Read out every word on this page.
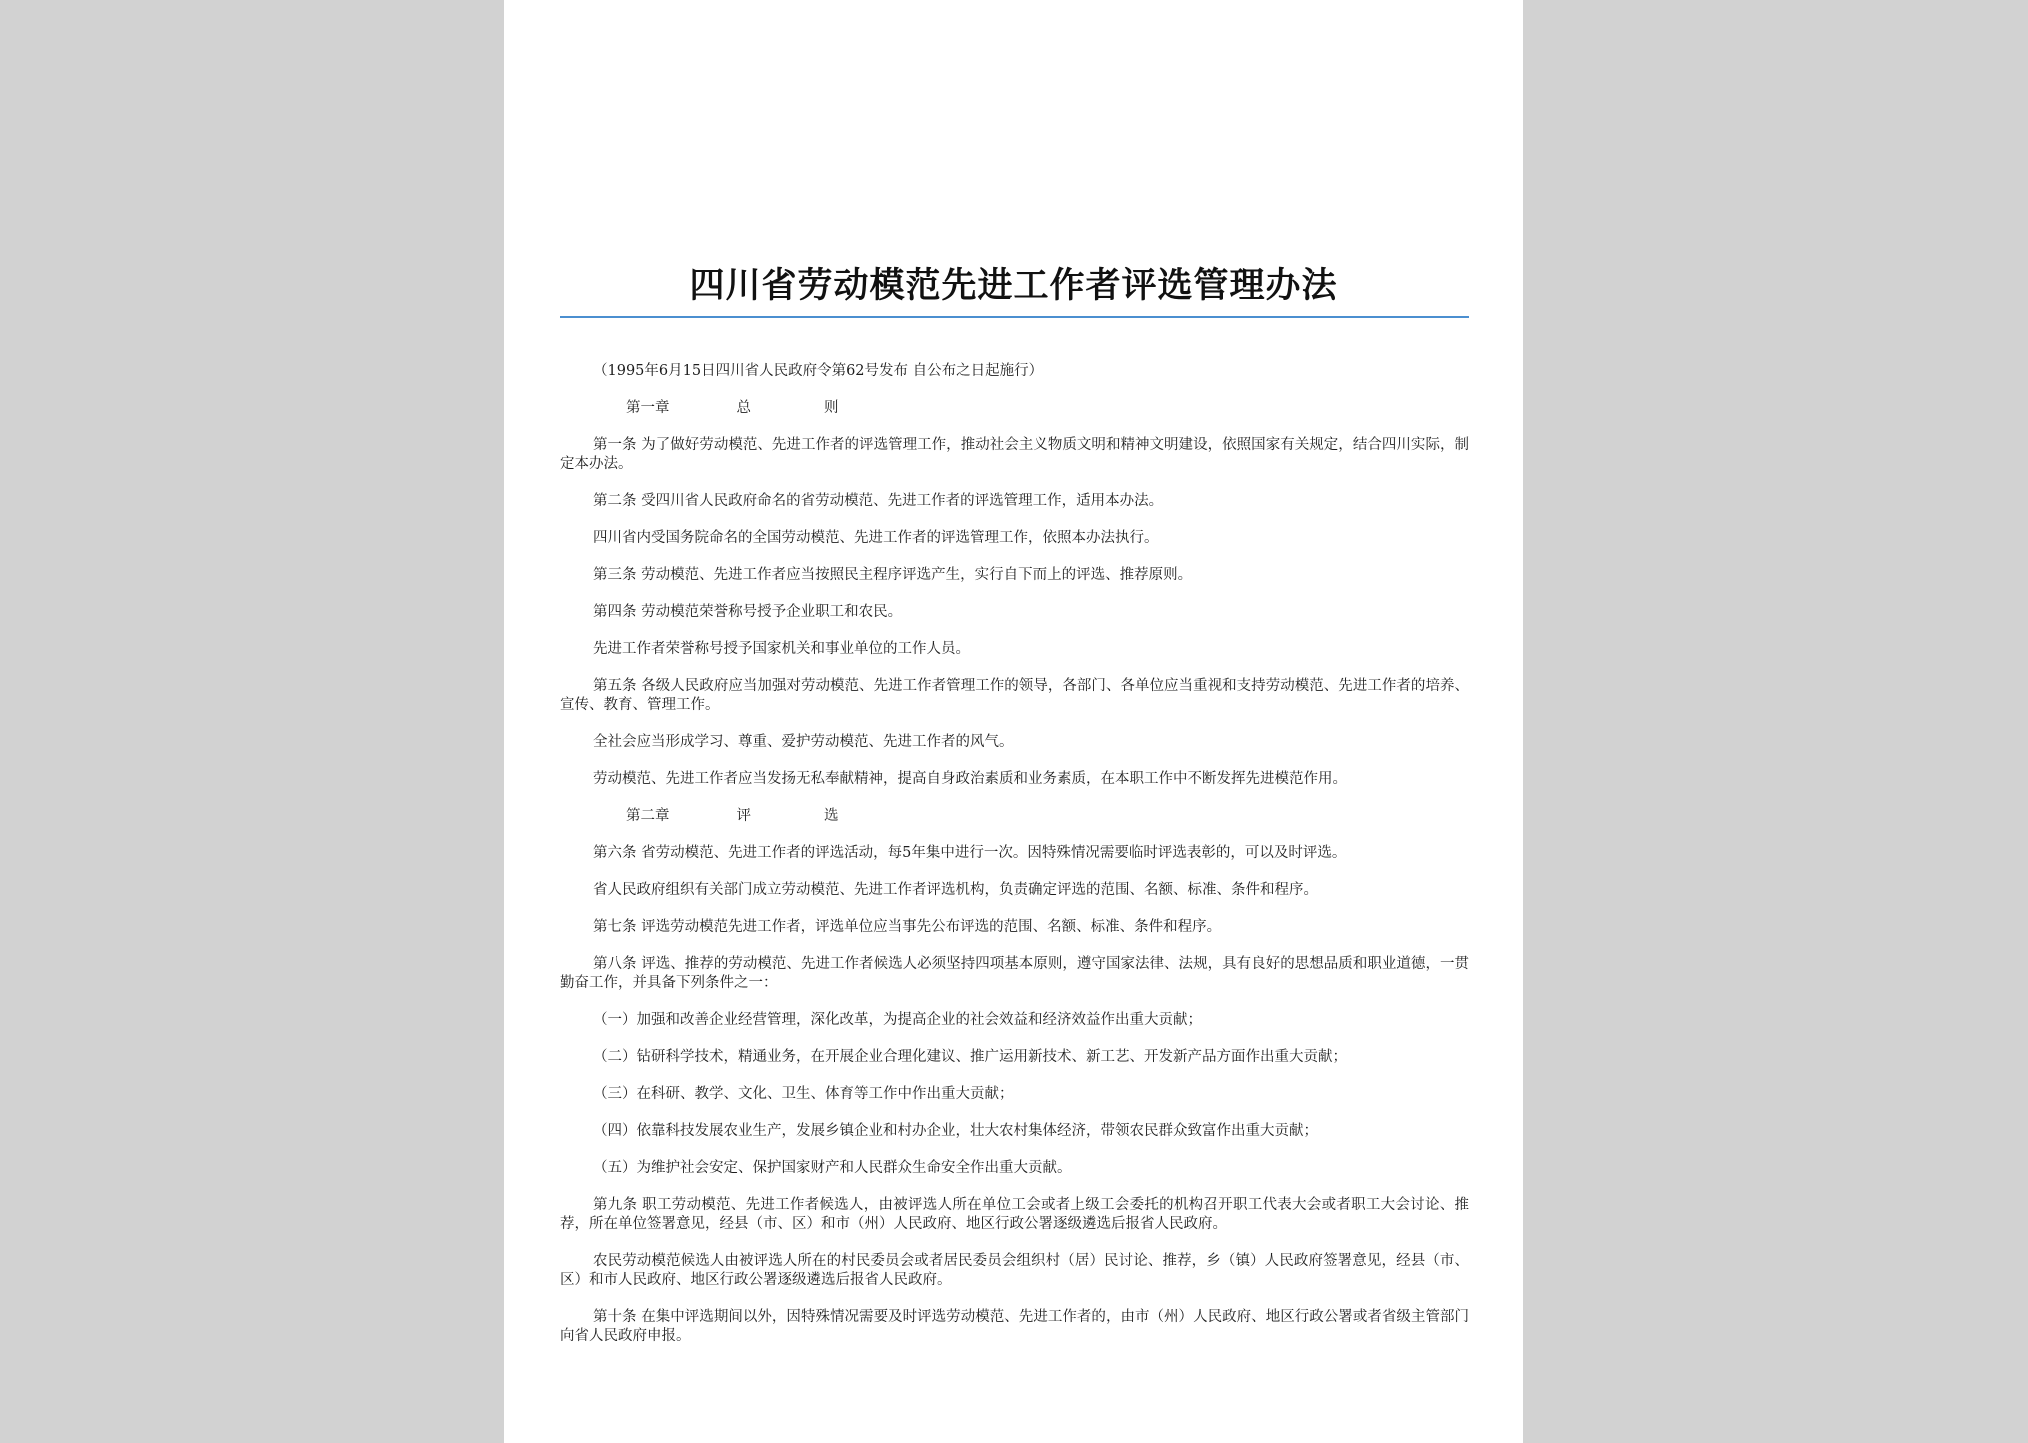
四川省劳动模范先进工作者评选管理办法

（1995年6月15日四川省人民政府令第62号发布 自公布之日起施行）

第一章	总	则

第一条 为了做好劳动模范、先进工作者的评选管理工作，推动社会主义物质文明和精神文明建设，依照国家有关规定，结合四川实际，制定本办法。

第二条 受四川省人民政府命名的省劳动模范、先进工作者的评选管理工作，适用本办法。

四川省内受国务院命名的全国劳动模范、先进工作者的评选管理工作，依照本办法执行。

第三条 劳动模范、先进工作者应当按照民主程序评选产生，实行自下而上的评选、推荐原则。

第四条 劳动模范荣誉称号授予企业职工和农民。

先进工作者荣誉称号授予国家机关和事业单位的工作人员。

第五条 各级人民政府应当加强对劳动模范、先进工作者管理工作的领导，各部门、各单位应当重视和支持劳动模范、先进工作者的培养、宣传、教育、管理工作。

全社会应当形成学习、尊重、爱护劳动模范、先进工作者的风气。

劳动模范、先进工作者应当发扬无私奉献精神，提高自身政治素质和业务素质，在本职工作中不断发挥先进模范作用。

第二章	评	选

第六条 省劳动模范、先进工作者的评选活动，每5年集中进行一次。因特殊情况需要临时评选表彰的，可以及时评选。

省人民政府组织有关部门成立劳动模范、先进工作者评选机构，负责确定评选的范围、名额、标准、条件和程序。

第七条 评选劳动模范先进工作者，评选单位应当事先公布评选的范围、名额、标准、条件和程序。

第八条 评选、推荐的劳动模范、先进工作者候选人必须坚持四项基本原则，遵守国家法律、法规，具有良好的思想品质和职业道德，一贯勤奋工作，并具备下列条件之一：

（一）加强和改善企业经营管理，深化改革，为提高企业的社会效益和经济效益作出重大贡献；

（二）钻研科学技术，精通业务，在开展企业合理化建议、推广运用新技术、新工艺、开发新产品方面作出重大贡献；

（三）在科研、教学、文化、卫生、体育等工作中作出重大贡献；

（四）依靠科技发展农业生产，发展乡镇企业和村办企业，壮大农村集体经济，带领农民群众致富作出重大贡献；

（五）为维护社会安定、保护国家财产和人民群众生命安全作出重大贡献。

第九条 职工劳动模范、先进工作者候选人，由被评选人所在单位工会或者上级工会委托的机构召开职工代表大会或者职工大会讨论、推荐，所在单位签署意见，经县（市、区）和市（州）人民政府、地区行政公署逐级遴选后报省人民政府。

农民劳动模范候选人由被评选人所在的村民委员会或者居民委员会组织村（居）民讨论、推荐，乡（镇）人民政府签署意见，经县（市、区）和市人民政府、地区行政公署逐级遴选后报省人民政府。

第十条 在集中评选期间以外，因特殊情况需要及时评选劳动模范、先进工作者的，由市（州）人民政府、地区行政公署或者省级主管部门向省人民政府申报。
